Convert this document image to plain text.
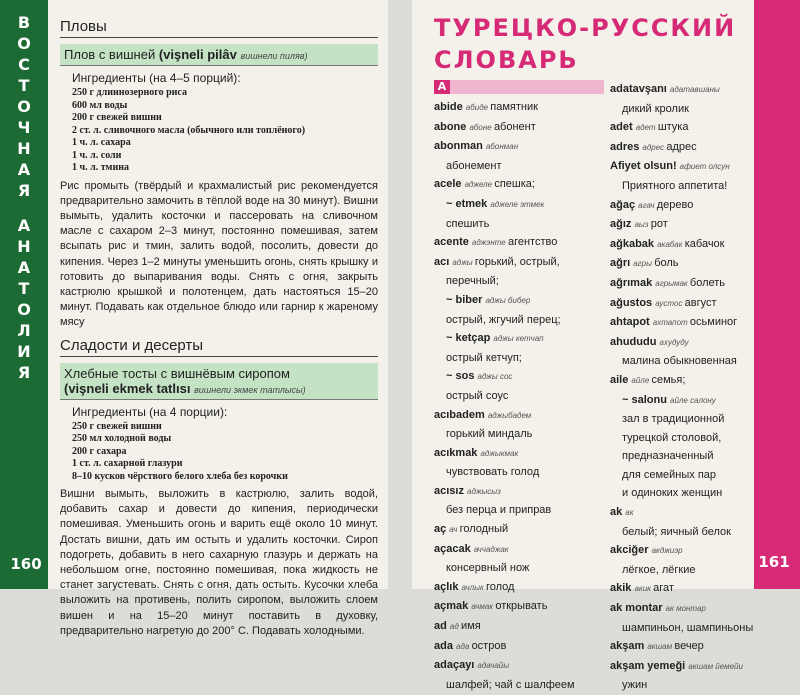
В
О
С
Т
О
Ч
Н
А
Я
А
Н
А
Т
О
Л
И
Я
160
Пловы
Плов с вишней (vişneli pilâv вишнели пиляв)
Ингредиенты (на 4–5 порций):
250 г длиннозерного риса
600 мл воды
200 г свежей вишни
2 ст. л. сливочного масла (обычного или топлёного)
1 ч. л. сахара
1 ч. л. соли
1 ч. л. тмина
Рис промыть (твёрдый и крахмалистый рис рекомендуется предварительно замочить в тёплой воде на 30 минут). Вишни вымыть, удалить косточки и пассеровать на сливочном масле с сахаром 2–3 минут, постоянно помешивая, затем всыпать рис и тмин, залить водой, посолить, довести до кипения. Через 1–2 минуты уменьшить огонь, снять крышку и готовить до выпаривания воды. Снять с огня, закрыть кастрюлю крышкой и полотенцем, дать настояться 15–20 минут. Подавать как отдельное блюдо или гарнир к жареному мясу
Сладости и десерты
Хлебные тосты с вишнёвым сиропом
(vişneli ekmek tatlısı вишнели экмек татлысы)
Ингредиенты (на 4 порции):
250 г свежей вишни
250 мл холодной воды
200 г сахара
1 ст. л. сахарной глазури
8–10 кусков чёрствого белого хлеба без корочки
Вишни вымыть, выложить в кастрюлю, залить водой, добавить сахар и довести до кипения, периодически помешивая. Уменьшить огонь и варить ещё около 10 минут. Достать вишни, дать им остыть и удалить косточки. Сироп подогреть, добавить в него сахарную глазурь и держать на небольшом огне, постоянно помешивая, пока жидкость не станет загустевать. Снять с огня, дать остыть. Кусочки хлеба выложить на противень, полить сиропом, выложить слоем вишен и на 15–20 минут поставить в духовку, предварительно нагретую до 200° С. Подавать холодными.
ТУРЕЦКО-РУССКИЙ
СЛОВАРЬ
A
abide абиде памятник
abone абоне абонент
abonman абонман
абонемент
acele аджеле спешка;
~ etmek аджеле этмек
спешить
acente аджэнте агентство
acı аджы горький, острый,
перечный;
~ biber аджы бибер
острый, жгучий перец;
~ ketçap аджы кетчап
острый кетчуп;
~ sos аджы сос
острый соус
acıbadem аджыбадем
горький миндаль
acıkmak аджыкмак
чувствовать голод
acısız аджысыз
без перца и приправ
aç ач голодный
açacak аччаджак
консервный нож
açlık ачлык голод
açmak ачмак открывать
ad ад имя
ada ада остров
adaçayı адачайы
шалфей; чай с шалфеем
adatavşanı адатавшаны
дикий кролик
adet адет штука
adres адрес адрес
Afiyet olsun! афиет олсун
Приятного аппетита!
ağaç агач дерево
ağız аыз рот
ağkabak акабак кабачок
ağrı агры боль
ağrımak агрымак болеть
ağustos аустос август
ahtapot ахтапот осьминог
ahududu ахудуду
малина обыкновенная
aile айле семья;
~ salonu айле салону
зал в традиционной
турецкой столовой,
предназначенный
для семейных пар
и одиноких женщин
ak ак
белый; яичный белок
akciğer акджиэр
лёгкое, лёгкие
akik акик агат
ak montar ак монтар
шампиньон, шампиньоны
akşam акшам вечер
akşam yemeği акшам йемейи
ужин
161
